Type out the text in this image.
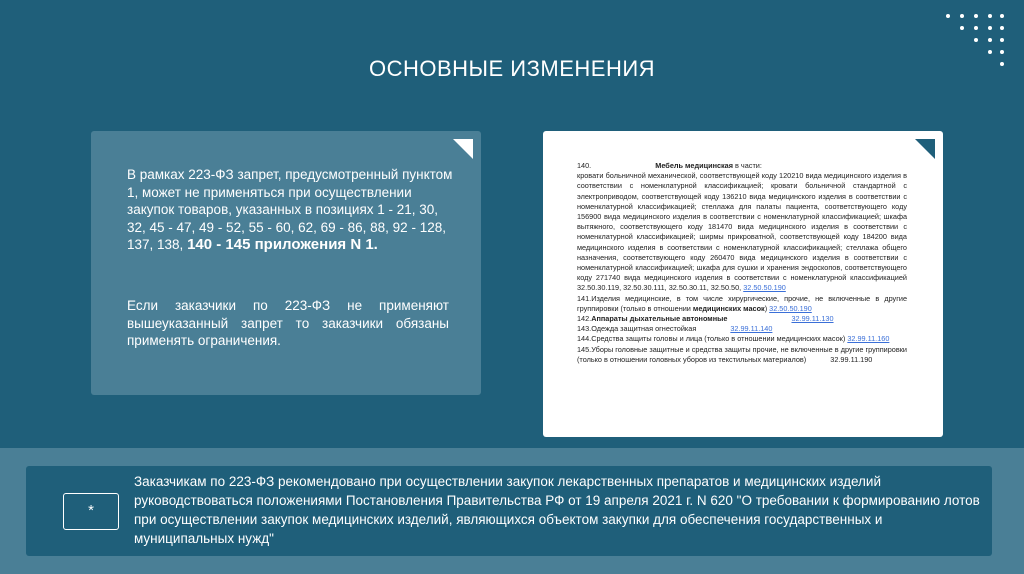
ОСНОВНЫЕ ИЗМЕНЕНИЯ
В рамках 223-ФЗ запрет, предусмотренный пунктом 1, может не применяться при осуществлении закупок товаров, указанных в позициях 1 - 21, 30, 32, 45 - 47, 49 - 52, 55 - 60, 62, 69 - 86, 88, 92 - 128, 137, 138, 140 - 145 приложения N 1.
Если заказчики по 223-ФЗ не применяют вышеуказанный запрет то заказчики обязаны применять ограничения.
140.	Мебель медицинская в части:
кровати больничной механической, соответствующей коду 120210 вида медицинского изделия в соответствии с номенклатурной классификацией; кровати больничной стандартной с электроприводом, соответствующей коду 136210 вида медицинского изделия в соответствии с номенклатурной классификацией; стеллажа для палаты пациента, соответствующего коду 156900 вида медицинского изделия в соответствии с номенклатурной классификацией; шкафа вытяжного, соответствующего коду 181470 вида медицинского изделия в соответствии с номенклатурной классификацией; ширмы прикроватной, соответствующей коду 184200 вида медицинского изделия в соответствии с номенклатурной классификацией; стеллажа общего назначения, соответствующего коду 260470 вида медицинского изделия в соответствии с номенклатурной классификацией; шкафа для сушки и хранения эндоскопов, соответствующего коду 271740 вида медицинского изделия в соответствии с номенклатурной классификацией 32.50.30.119, 32.50.30.111, 32.50.30.11, 32.50.50, 32.50.50.190
141.Изделия медицинские, в том числе хирургические, прочие, не включенные в другие группировки (только в отношении медицинских масок) 32.50.50.190
142.Аппараты дыхательные автономные	32.99.11.130
143.Одежда защитная огнестойкая	32.99.11.140
144.Средства защиты головы и лица (только в отношении медицинских масок) 32.99.11.160
145.Уборы головные защитные и средства защиты прочие, не включенные в другие группировки (только в отношении головных уборов из текстильных материалов)	32.99.11.190
*
Заказчикам по 223-ФЗ рекомендовано при осуществлении закупок лекарственных препаратов и медицинских изделий руководствоваться положениями Постановления Правительства РФ от 19 апреля 2021 г. N 620 "О требовании к формированию лотов при осуществлении закупок медицинских изделий, являющихся объектом закупки для обеспечения государственных и муниципальных нужд"
